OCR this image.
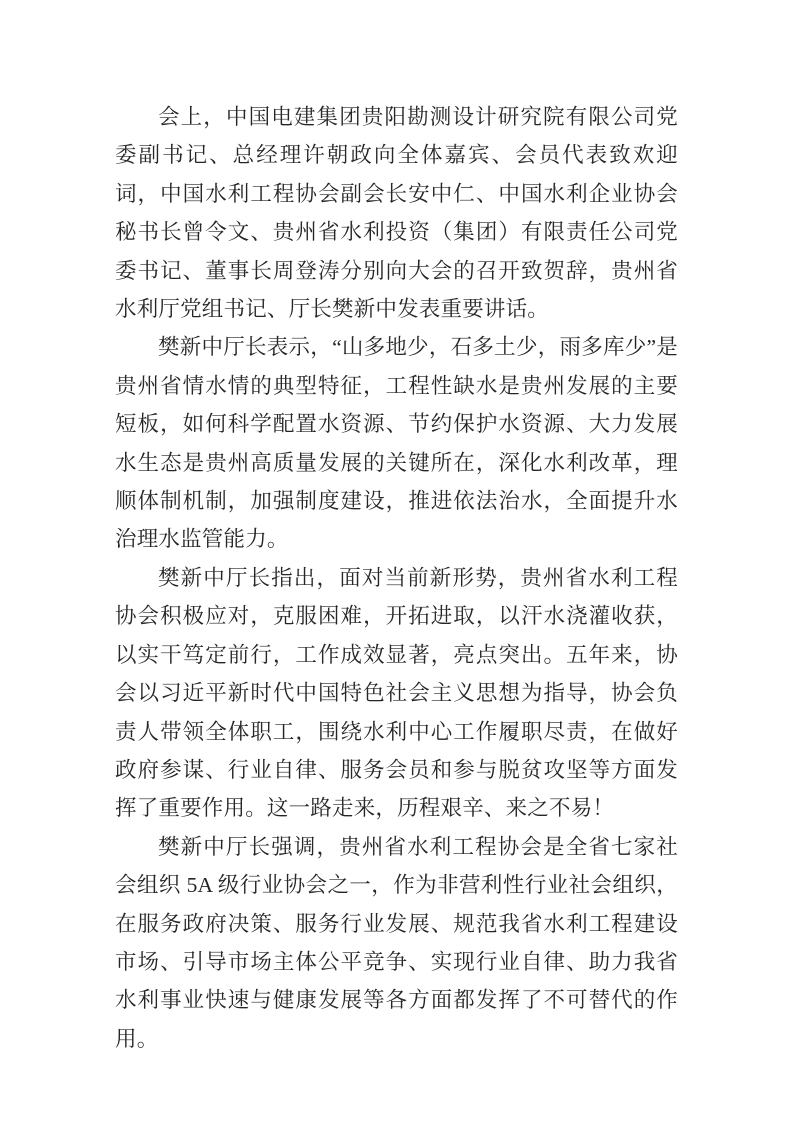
会上，中国电建集团贵阳勘测设计研究院有限公司党委副书记、总经理许朝政向全体嘉宾、会员代表致欢迎词，中国水利工程协会副会长安中仁、中国水利企业协会秘书长曾令文、贵州省水利投资（集团）有限责任公司党委书记、董事长周登涛分别向大会的召开致贺辞，贵州省水利厅党组书记、厅长樊新中发表重要讲话。

樊新中厅长表示，“山多地少，石多土少，雨多库少”是贵州省情水情的典型特征，工程性缺水是贵州发展的主要短板，如何科学配置水资源、节约保护水资源、大力发展水生态是贵州高质量发展的关键所在，深化水利改革，理顺体制机制，加强制度建设，推进依法治水，全面提升水治理水监管能力。

樊新中厅长指出，面对当前新形势，贵州省水利工程协会积极应对，克服困难，开拓进取，以汗水浇灌收获，以实干笃定前行，工作成效显著，亮点突出。五年来，协会以习近平新时代中国特色社会主义思想为指导，协会负责人带领全体职工，围绕水利中心工作履职尽责，在做好政府参谋、行业自律、服务会员和参与脱贫攻坚等方面发挥了重要作用。这一路走来，历程艰辛、来之不易！

樊新中厅长强调，贵州省水利工程协会是全省七家社会组织 5A 级行业协会之一，作为非营利性行业社会组织，在服务政府决策、服务行业发展、规范我省水利工程建设市场、引导市场主体公平竞争、实现行业自律、助力我省水利事业快速与健康发展等各方面都发挥了不可替代的作用。
